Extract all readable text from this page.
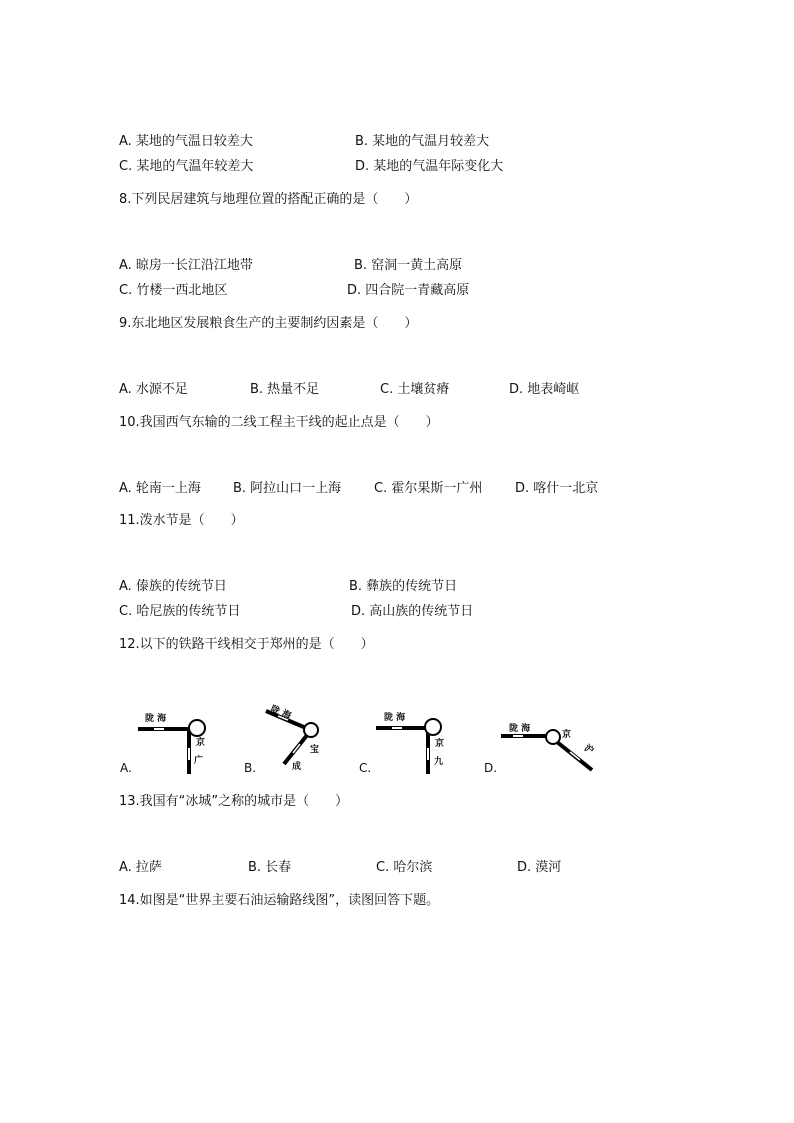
A. 某地的气温日较差大	B. 某地的气温月较差大
C. 某地的气温年较差大	D. 某地的气温年际变化大
8.下列民居建筑与地理位置的搭配正确的是（　　）
A. 晾房一长江沿江地带	B. 窑洞一黄土高原
C. 竹楼一西北地区	D. 四合院一青藏高原
9.东北地区发展粮食生产的主要制约因素是（　　）
A. 水源不足	B. 热量不足	C. 土壤贫瘠	D. 地表崎岖
10.我国西气东输的二线工程主干线的起止点是（　　）
A. 轮南一上海 B. 阿拉山口一上海	C. 霍尔果斯一广州	D. 喀什一北京
11.泼水节是（　　）
A. 傣族的传统节日	B. 彝族的传统节日
C. 哈尼族的传统节日	D. 高山族的传统节日
12.以下的铁路干线相交于郑州的是（　　）
A.
陇 海
京
广	B.
陇 海
宝
成	C.
陇 海
京
九	D.
陇 海
京
沪
13.我国有“冰城”之称的城市是（　　）
A. 拉萨	B. 长春	C. 哈尔滨	D. 漠河
14.如图是“世界主要石油运输路线图”，读图回答下题。
